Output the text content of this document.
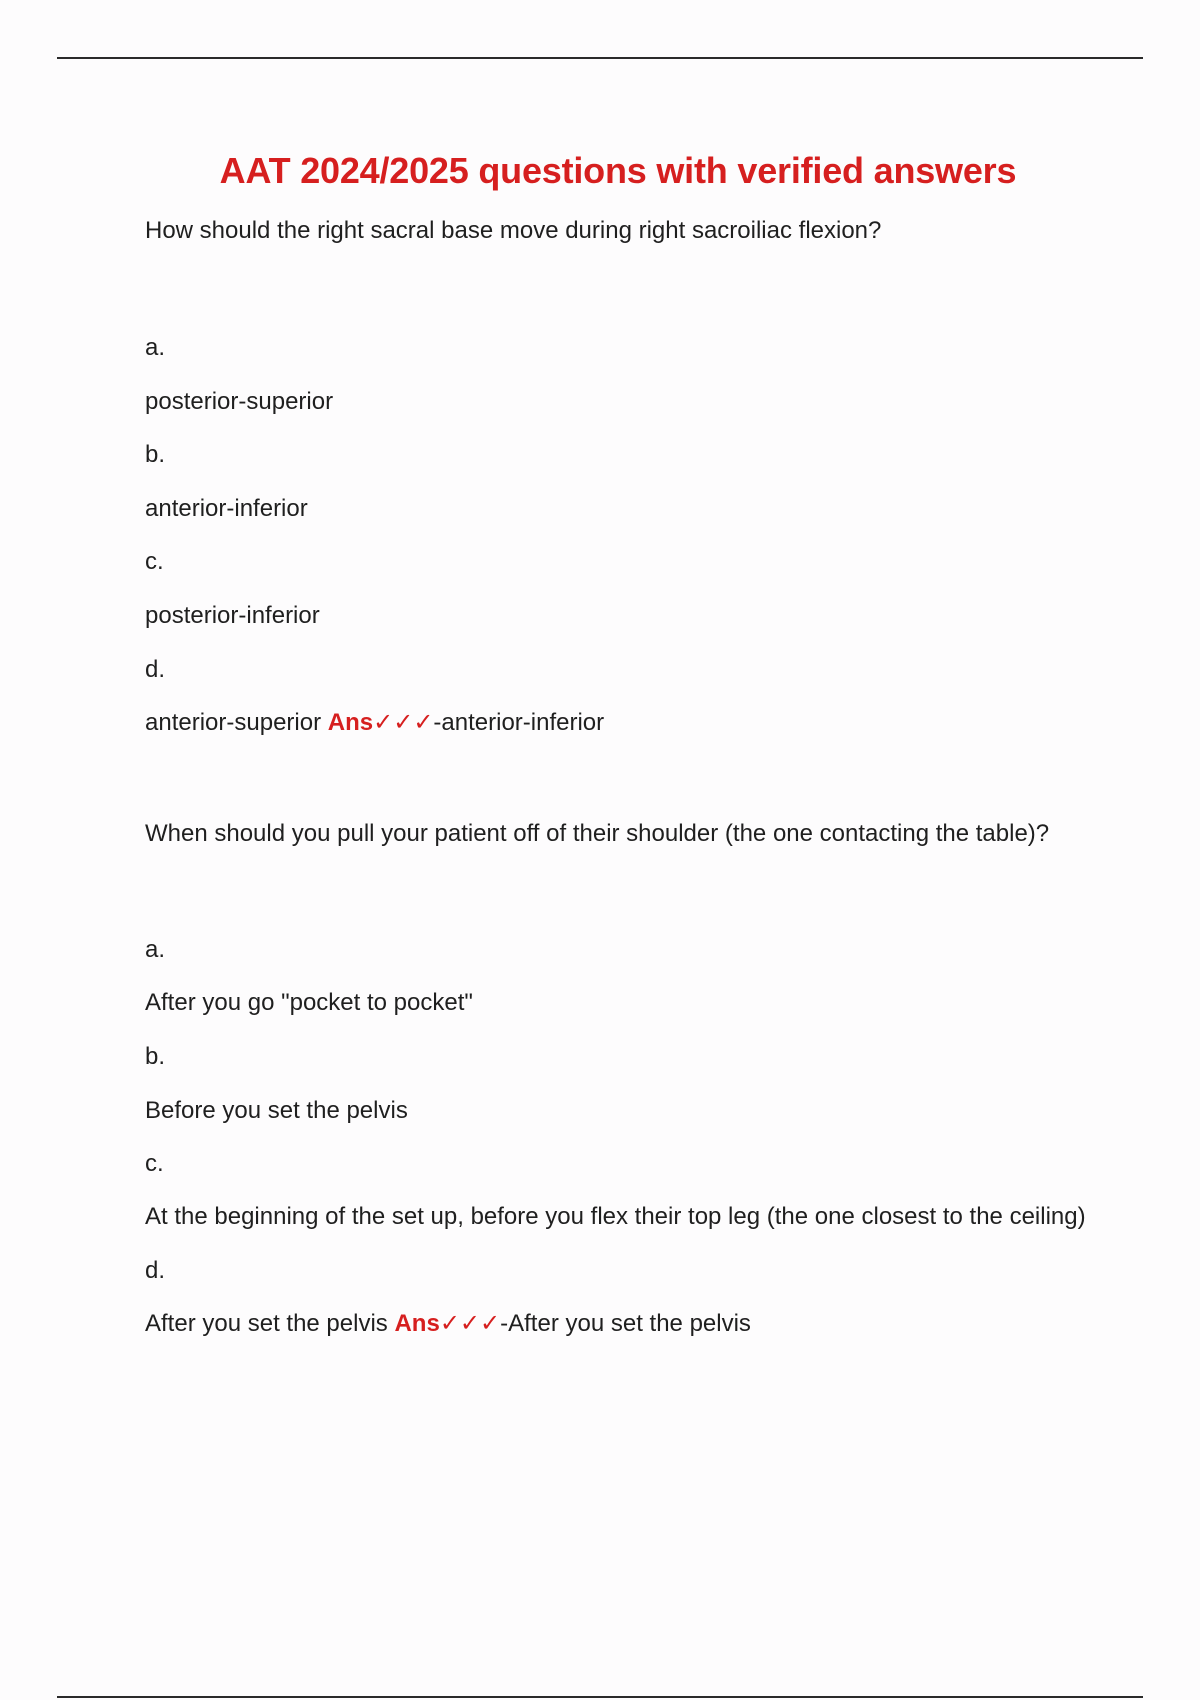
AAT 2024/2025 questions with verified answers

How should the right sacral base move during right sacroiliac flexion?

a.

posterior-superior

b.

anterior-inferior

c.

posterior-inferior

d.

anterior-superior Ans✓✓✓-anterior-inferior

When should you pull your patient off of their shoulder (the one contacting the table)?

a.

After you go "pocket to pocket"

b.

Before you set the pelvis

c.

At the beginning of the set up, before you flex their top leg (the one closest to the ceiling)

d.

After you set the pelvis Ans✓✓✓-After you set the pelvis
